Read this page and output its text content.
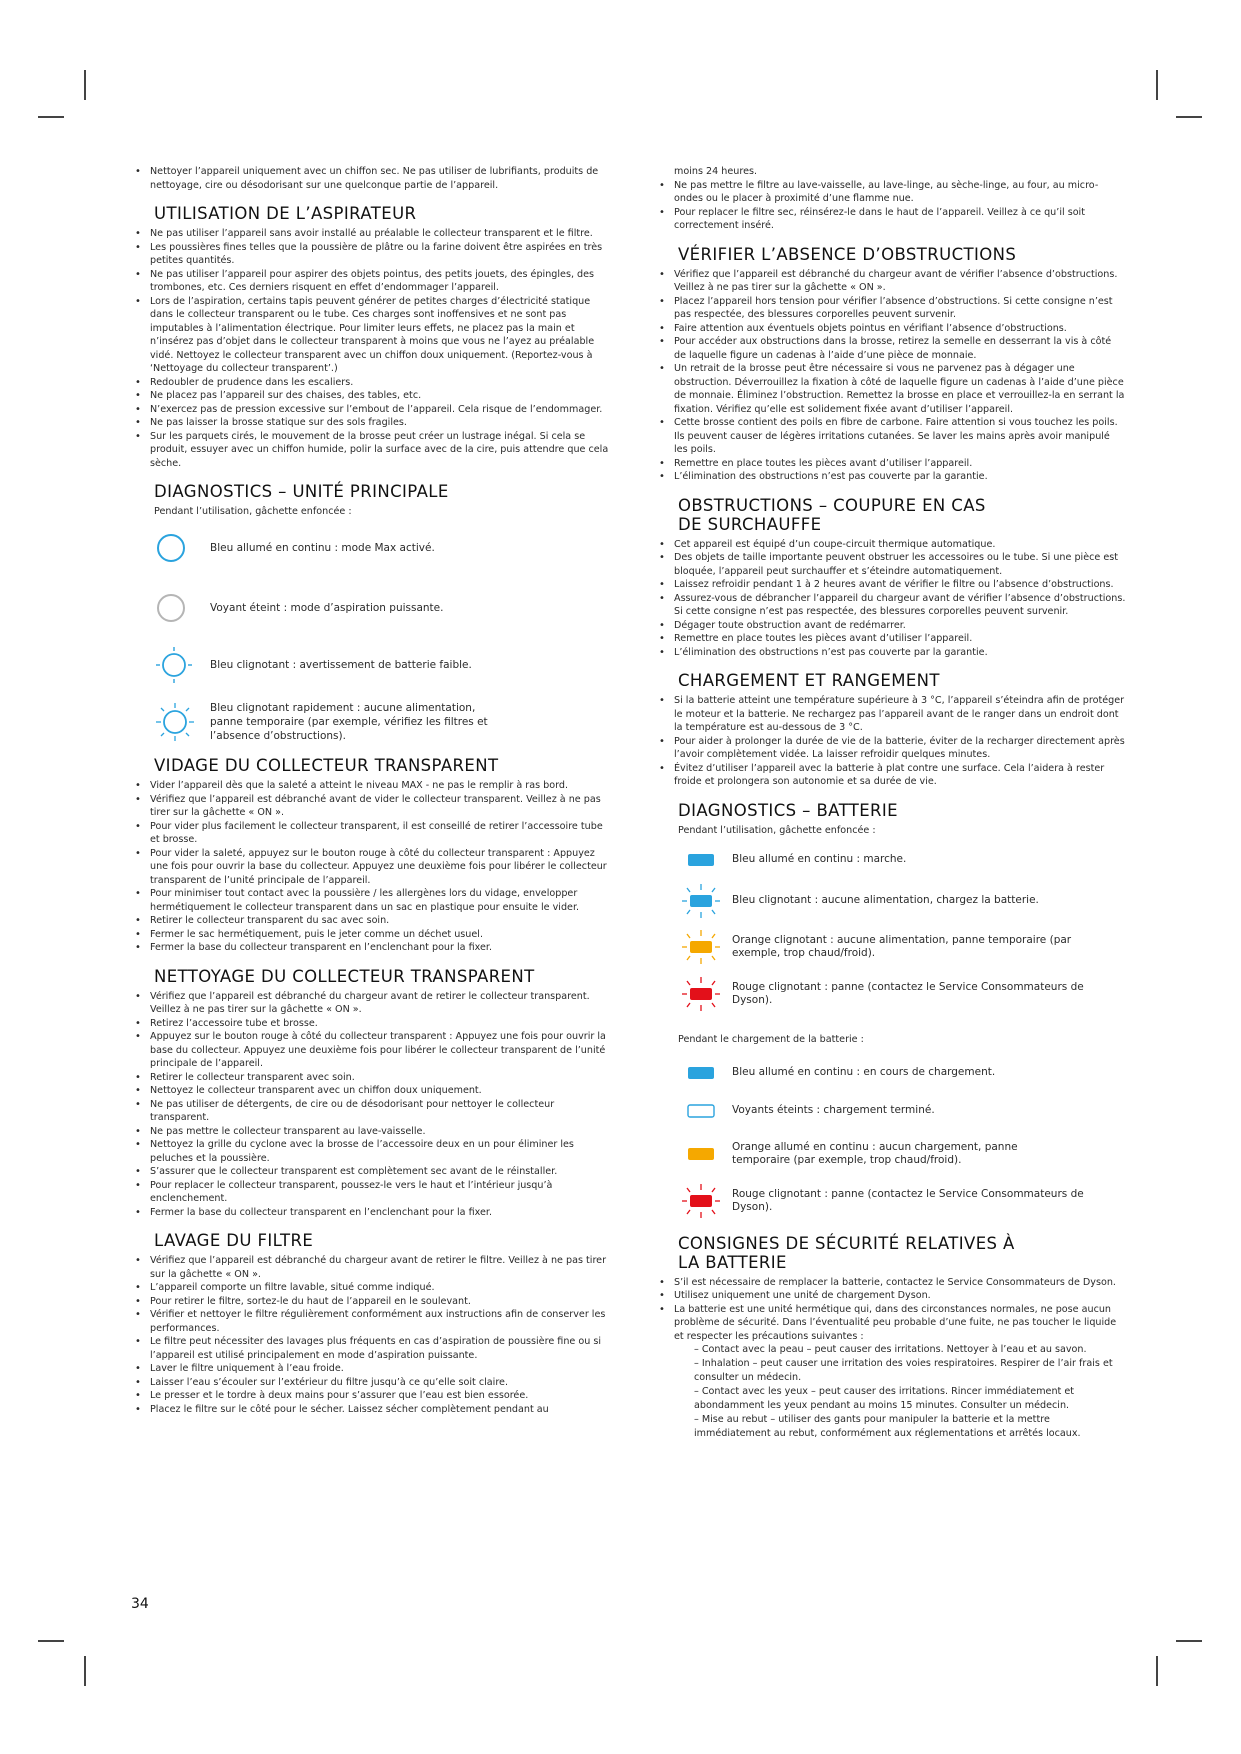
• Nettoyer l’appareil uniquement avec un chiffon sec. Ne pas utiliser de lubrifiants, produits de nettoyage, cire ou désodorisant sur une quelconque partie de l’appareil.
UTILISATION DE L’ASPIRATEUR
• Ne pas utiliser l’appareil sans avoir installé au préalable le collecteur transparent et le filtre.
• Les poussières fines telles que la poussière de plâtre ou la farine doivent être aspirées en très petites quantités.
• Ne pas utiliser l’appareil pour aspirer des objets pointus, des petits jouets, des épingles, des trombones, etc. Ces derniers risquent en effet d’endommager l’appareil.
• Lors de l’aspiration, certains tapis peuvent générer de petites charges d’électricité statique dans le collecteur transparent ou le tube. Ces charges sont inoffensives et ne sont pas imputables à l’alimentation électrique. Pour limiter leurs effets, ne placez pas la main et n’insérez pas d’objet dans le collecteur transparent à moins que vous ne l’ayez au préalable vidé. Nettoyez le collecteur transparent avec un chiffon doux uniquement. (Reportez-vous à ‘Nettoyage du collecteur transparent’.)
• Redoubler de prudence dans les escaliers.
• Ne placez pas l’appareil sur des chaises, des tables, etc.
• N’exercez pas de pression excessive sur l’embout de l’appareil. Cela risque de l’endommager.
• Ne pas laisser la brosse statique sur des sols fragiles.
• Sur les parquets cirés, le mouvement de la brosse peut créer un lustrage inégal. Si cela se produit, essuyer avec un chiffon humide, polir la surface avec de la cire, puis attendre que cela sèche.
DIAGNOSTICS – UNITÉ PRINCIPALE

Pendant l’utilisation, gâchette enfoncée :

Bleu allumé en continu : mode Max activé.
Voyant éteint : mode d’aspiration puissante.
Bleu clignotant : avertissement de batterie faible.
Bleu clignotant rapidement : aucune alimentation, panne temporaire (par exemple, vérifiez les filtres et l’absence d’obstructions).
VIDAGE DU COLLECTEUR TRANSPARENT
• Vider l’appareil dès que la saleté a atteint le niveau MAX - ne pas le remplir à ras bord.
• Vérifiez que l’appareil est débranché avant de vider le collecteur transparent. Veillez à ne pas tirer sur la gâchette « ON ».
• Pour vider plus facilement le collecteur transparent, il est conseillé de retirer l’accessoire tube et brosse.
• Pour vider la saleté, appuyez sur le bouton rouge à côté du collecteur transparent : Appuyez une fois pour ouvrir la base du collecteur. Appuyez une deuxième fois pour libérer le collecteur transparent de l’unité principale de l’appareil.
• Pour minimiser tout contact avec la poussière / les allergènes lors du vidage, envelopper hermétiquement le collecteur transparent dans un sac en plastique pour ensuite le vider.
• Retirer le collecteur transparent du sac avec soin.
• Fermer le sac hermétiquement, puis le jeter comme un déchet usuel.
• Fermer la base du collecteur transparent en l’enclenchant pour la fixer.
NETTOYAGE DU COLLECTEUR TRANSPARENT
• Vérifiez que l’appareil est débranché du chargeur avant de retirer le collecteur transparent. Veillez à ne pas tirer sur la gâchette « ON ».
• Retirez l’accessoire tube et brosse.
• Appuyez sur le bouton rouge à côté du collecteur transparent : Appuyez une fois pour ouvrir la base du collecteur. Appuyez une deuxième fois pour libérer le collecteur transparent de l’unité principale de l’appareil.
• Retirer le collecteur transparent avec soin.
• Nettoyez le collecteur transparent avec un chiffon doux uniquement.
• Ne pas utiliser de détergents, de cire ou de désodorisant pour nettoyer le collecteur transparent.
• Ne pas mettre le collecteur transparent au lave-vaisselle.
• Nettoyez la grille du cyclone avec la brosse de l’accessoire deux en un pour éliminer les peluches et la poussière.
• S’assurer que le collecteur transparent est complètement sec avant de le réinstaller.
• Pour replacer le collecteur transparent, poussez-le vers le haut et l’intérieur jusqu’à enclenchement.
• Fermer la base du collecteur transparent en l’enclenchant pour la fixer.
LAVAGE DU FILTRE
• Vérifiez que l’appareil est débranché du chargeur avant de retirer le filtre. Veillez à ne pas tirer sur la gâchette « ON ».
• L’appareil comporte un filtre lavable, situé comme indiqué.
• Pour retirer le filtre, sortez-le du haut de l’appareil en le soulevant.
• Vérifier et nettoyer le filtre régulièrement conformément aux instructions afin de conserver les performances.
• Le filtre peut nécessiter des lavages plus fréquents en cas d’aspiration de poussière fine ou si l’appareil est utilisé principalement en mode d’aspiration puissante.
• Laver le filtre uniquement à l’eau froide.
• Laisser l’eau s’écouler sur l’extérieur du filtre jusqu’à ce qu’elle soit claire.
• Le presser et le tordre à deux mains pour s’assurer que l’eau est bien essorée.
• Placez le filtre sur le côté pour le sécher. Laissez sécher complètement pendant au

moins 24 heures.

• Ne pas mettre le filtre au lave-vaisselle, au lave-linge, au sèche-linge, au four, au micro-ondes ou le placer à proximité d’une flamme nue.
• Pour replacer le filtre sec, réinsérez-le dans le haut de l’appareil. Veillez à ce qu’il soit correctement inséré.
VÉRIFIER L’ABSENCE D’OBSTRUCTIONS
• Vérifiez que l’appareil est débranché du chargeur avant de vérifier l’absence d’obstructions. Veillez à ne pas tirer sur la gâchette « ON ».
• Placez l’appareil hors tension pour vérifier l’absence d’obstructions. Si cette consigne n’est pas respectée, des blessures corporelles peuvent survenir.
• Faire attention aux éventuels objets pointus en vérifiant l’absence d’obstructions.
• Pour accéder aux obstructions dans la brosse, retirez la semelle en desserrant la vis à côté de laquelle figure un cadenas à l’aide d’une pièce de monnaie.
• Un retrait de la brosse peut être nécessaire si vous ne parvenez pas à dégager une obstruction. Déverrouillez la fixation à côté de laquelle figure un cadenas à l’aide d’une pièce de monnaie. Éliminez l’obstruction. Remettez la brosse en place et verrouillez-la en serrant la fixation. Vérifiez qu’elle est solidement fixée avant d’utiliser l’appareil.
• Cette brosse contient des poils en fibre de carbone. Faire attention si vous touchez les poils. Ils peuvent causer de légères irritations cutanées. Se laver les mains après avoir manipulé les poils.
• Remettre en place toutes les pièces avant d’utiliser l’appareil.
• L’élimination des obstructions n’est pas couverte par la garantie.
OBSTRUCTIONS – COUPURE EN CAS
DE SURCHAUFFE
• Cet appareil est équipé d’un coupe-circuit thermique automatique.
• Des objets de taille importante peuvent obstruer les accessoires ou le tube. Si une pièce est bloquée, l’appareil peut surchauffer et s’éteindre automatiquement.
• Laissez refroidir pendant 1 à 2 heures avant de vérifier le filtre ou l’absence d’obstructions.
• Assurez-vous de débrancher l’appareil du chargeur avant de vérifier l’absence d’obstructions. Si cette consigne n’est pas respectée, des blessures corporelles peuvent survenir.
• Dégager toute obstruction avant de redémarrer.
• Remettre en place toutes les pièces avant d’utiliser l’appareil.
• L’élimination des obstructions n’est pas couverte par la garantie.
CHARGEMENT ET RANGEMENT
• Si la batterie atteint une température supérieure à 3 °C, l’appareil s’éteindra afin de protéger le moteur et la batterie. Ne rechargez pas l’appareil avant de le ranger dans un endroit dont la température est au-dessous de 3 °C.
• Pour aider à prolonger la durée de vie de la batterie, éviter de la recharger directement après l’avoir complètement vidée. La laisser refroidir quelques minutes.
• Évitez d’utiliser l’appareil avec la batterie à plat contre une surface. Cela l’aidera à rester froide et prolongera son autonomie et sa durée de vie.
DIAGNOSTICS – BATTERIE

Pendant l’utilisation, gâchette enfoncée :

Bleu allumé en continu : marche.
Bleu clignotant : aucune alimentation, chargez la batterie.
Orange clignotant : aucune alimentation, panne temporaire (par exemple, trop chaud/froid).
Rouge clignotant : panne (contactez le Service Consommateurs de Dyson).

Pendant le chargement de la batterie :

Bleu allumé en continu : en cours de chargement.
Voyants éteints : chargement terminé.
Orange allumé en continu : aucun chargement, panne temporaire (par exemple, trop chaud/froid).
Rouge clignotant : panne (contactez le Service Consommateurs de Dyson).
CONSIGNES DE SÉCURITÉ RELATIVES À
LA BATTERIE
• S’il est nécessaire de remplacer la batterie, contactez le Service Consommateurs de Dyson.
• Utilisez uniquement une unité de chargement Dyson.
• La batterie est une unité hermétique qui, dans des circonstances normales, ne pose aucun problème de sécurité. Dans l’éventualité peu probable d’une fuite, ne pas toucher le liquide et respecter les précautions suivantes :

– Contact avec la peau – peut causer des irritations. Nettoyer à l’eau et au savon.

– Inhalation – peut causer une irritation des voies respiratoires. Respirer de l’air frais et consulter un médecin.

– Contact avec les yeux – peut causer des irritations. Rincer immédiatement et abondamment les yeux pendant au moins 15 minutes. Consulter un médecin.

– Mise au rebut – utiliser des gants pour manipuler la batterie et la mettre immédiatement au rebut, conformément aux réglementations et arrêtés locaux.

34
